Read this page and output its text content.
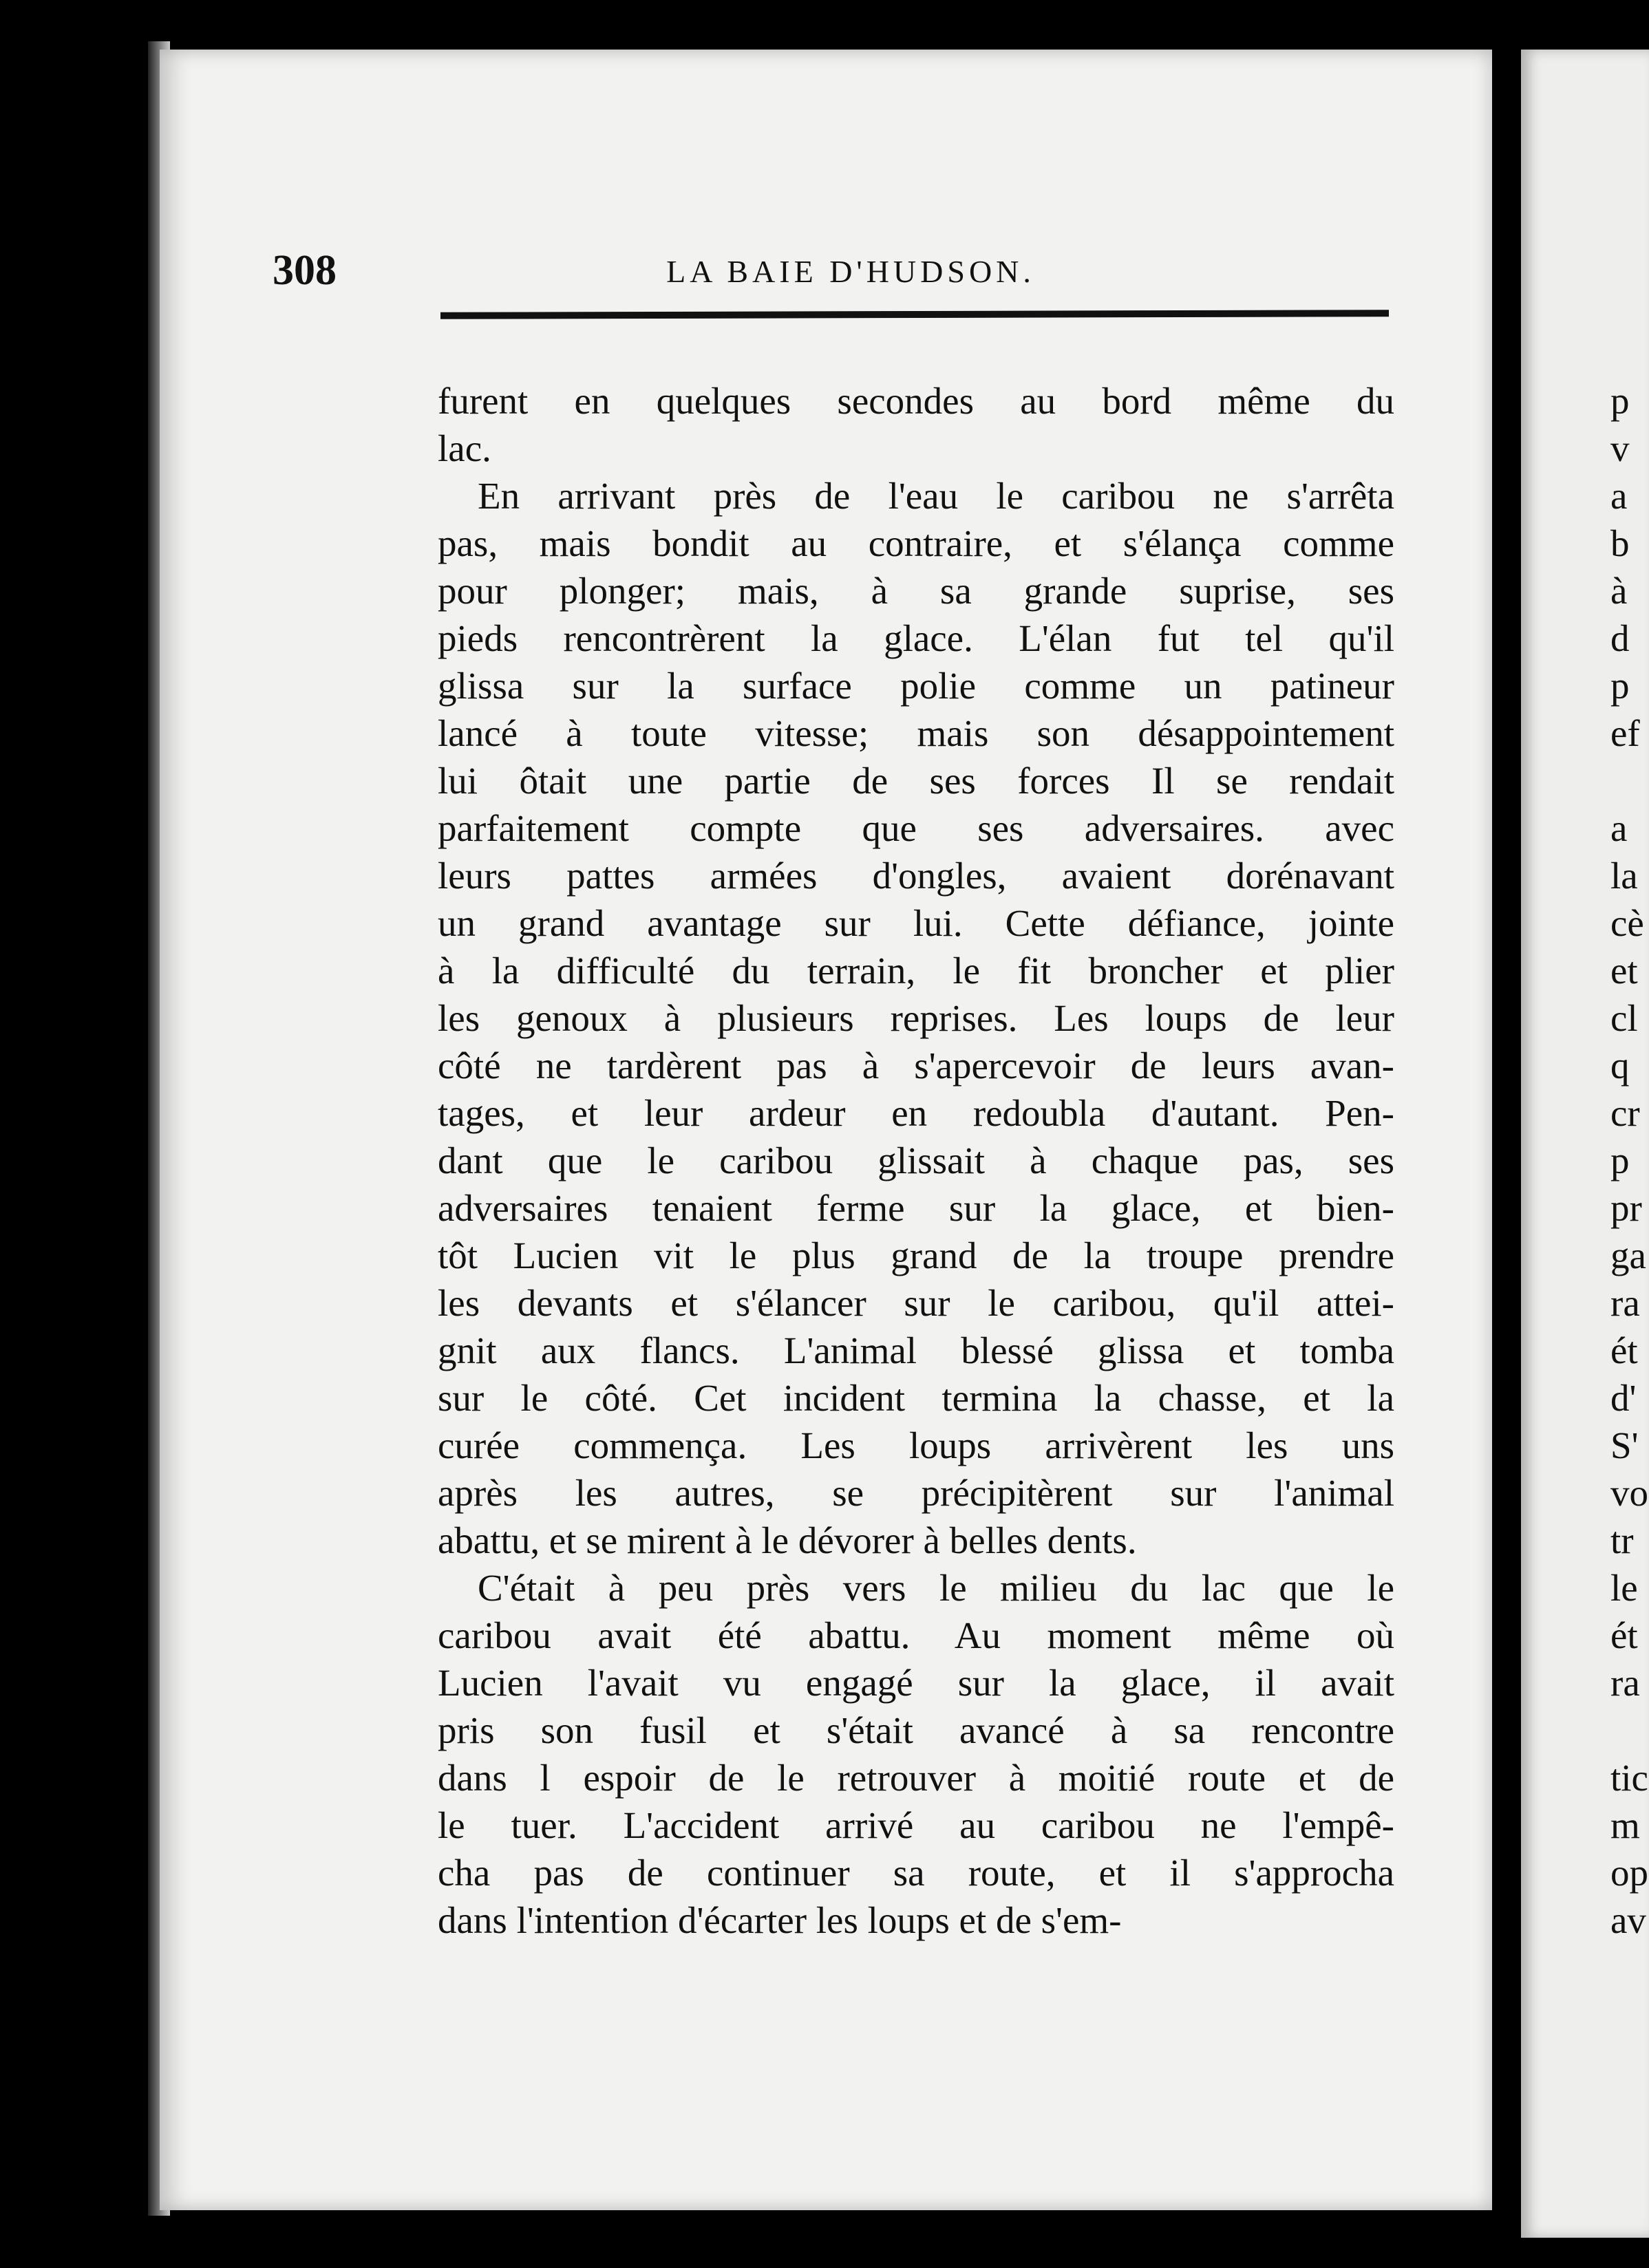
308	LA BAIE D'HUDSON.
furent en quelques secondes au bord même du
lac.
En arrivant près de l'eau le caribou ne s'arrêta
pas, mais bondit au contraire, et s'élança comme
pour plonger; mais, à sa grande suprise, ses
pieds rencontrèrent la glace. L'élan fut tel qu'il
glissa sur la surface polie comme un patineur
lancé à toute vitesse; mais son désappointement
lui ôtait une partie de ses forces Il se rendait
parfaitement compte que ses adversaires. avec
leurs pattes armées d'ongles, avaient dorénavant
un grand avantage sur lui. Cette défiance, jointe
à la difficulté du terrain, le fit broncher et plier
les genoux à plusieurs reprises. Les loups de leur
côté ne tardèrent pas à s'apercevoir de leurs avan-
tages, et leur ardeur en redoubla d'autant. Pen-
dant que le caribou glissait à chaque pas, ses
adversaires tenaient ferme sur la glace, et bien-
tôt Lucien vit le plus grand de la troupe prendre
les devants et s'élancer sur le caribou, qu'il attei-
gnit aux flancs. L'animal blessé glissa et tomba
sur le côté. Cet incident termina la chasse, et la
curée commença. Les loups arrivèrent les uns
après les autres, se précipitèrent sur l'animal
abattu, et se mirent à le dévorer à belles dents.
C'était à peu près vers le milieu du lac que le
caribou avait été abattu. Au moment même où
Lucien l'avait vu engagé sur la glace, il avait
pris son fusil et s'était avancé à sa rencontre
dans l espoir de le retrouver à moitié route et de
le tuer. L'accident arrivé au caribou ne l'empê-
cha pas de continuer sa route, et il s'approcha
dans l'intention d'écarter les loups et de s'em-
p
v
a
b
à
d
p
ef
a
la
cè
et
cl
q
cr
p
pr
ga
ra
ét
d'
S'
vo
tr
le
ét
ra
tic
m
op
av
